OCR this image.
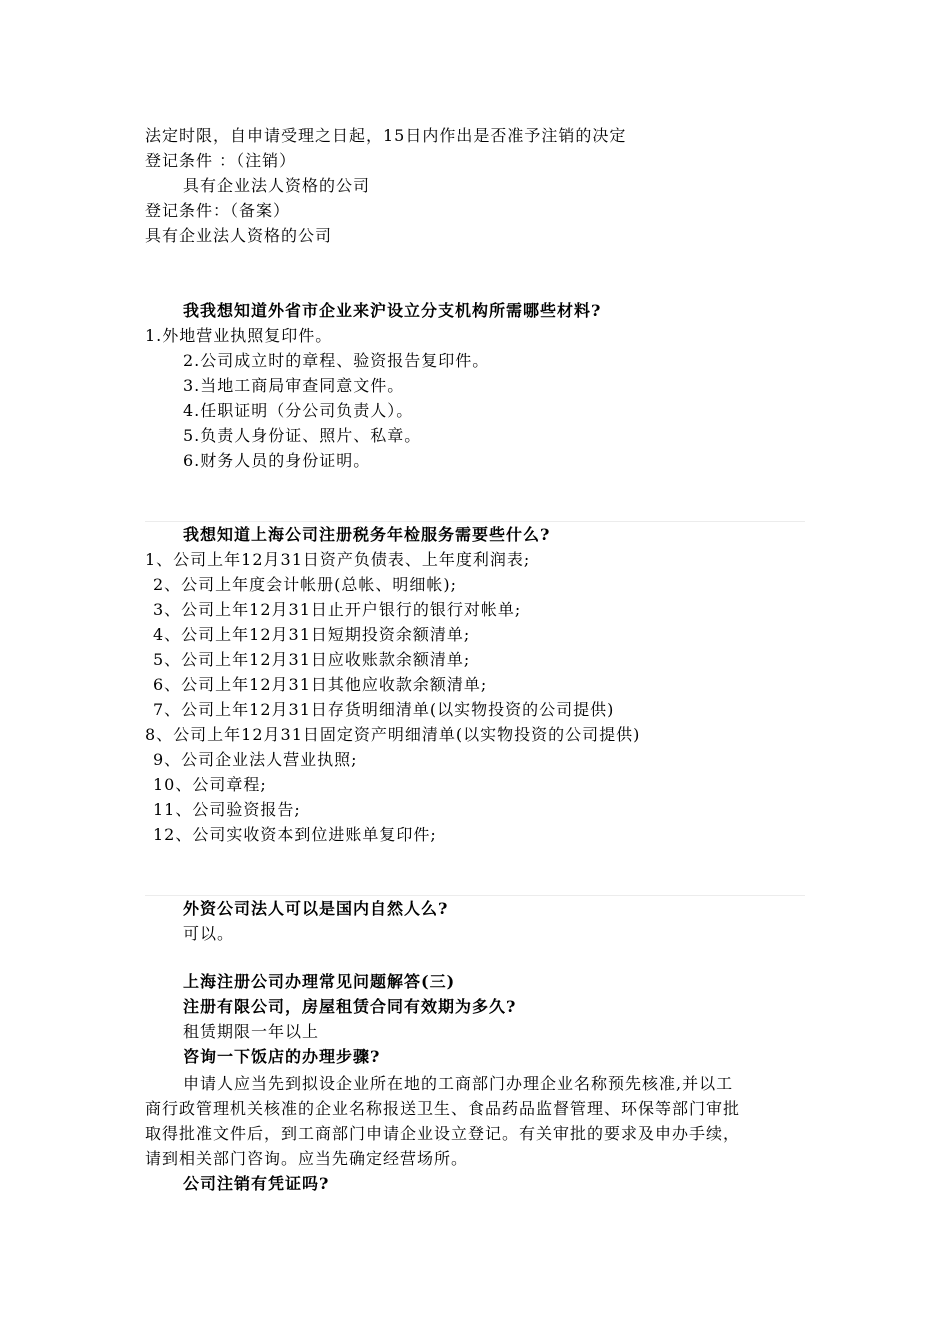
法定时限，自申请受理之日起，15日内作出是否准予注销的决定
登记条件 ：（注销）
具有企业法人资格的公司
登记条件：（备案）
具有企业法人资格的公司
我我想知道外省市企业来沪设立分支机构所需哪些材料?
1.外地营业执照复印件。
2.公司成立时的章程、验资报告复印件。
3.当地工商局审查同意文件。
4.任职证明（分公司负责人）。
5.负责人身份证、照片、私章。
6.财务人员的身份证明。
我想知道上海公司注册税务年检服务需要些什么?
1、公司上年12月31日资产负债表、上年度利润表;
2、公司上年度会计帐册(总帐、明细帐);
3、公司上年12月31日止开户银行的银行对帐单;
4、公司上年12月31日短期投资余额清单;
5、公司上年12月31日应收账款余额清单;
6、公司上年12月31日其他应收款余额清单;
7、公司上年12月31日存货明细清单(以实物投资的公司提供)
8、公司上年12月31日固定资产明细清单(以实物投资的公司提供)
9、公司企业法人营业执照;
10、公司章程;
11、公司验资报告;
12、公司实收资本到位进账单复印件;
外资公司法人可以是国内自然人么?
可以。
上海注册公司办理常见问题解答(三)
注册有限公司，房屋租赁合同有效期为多久?
租赁期限一年以上
咨询一下饭店的办理步骤?
申请人应当先到拟设企业所在地的工商部门办理企业名称预先核准,并以工
商行政管理机关核准的企业名称报送卫生、食品药品监督管理、环保等部门审批
取得批准文件后，到工商部门申请企业设立登记。有关审批的要求及申办手续，
请到相关部门咨询。应当先确定经营场所。
公司注销有凭证吗?
